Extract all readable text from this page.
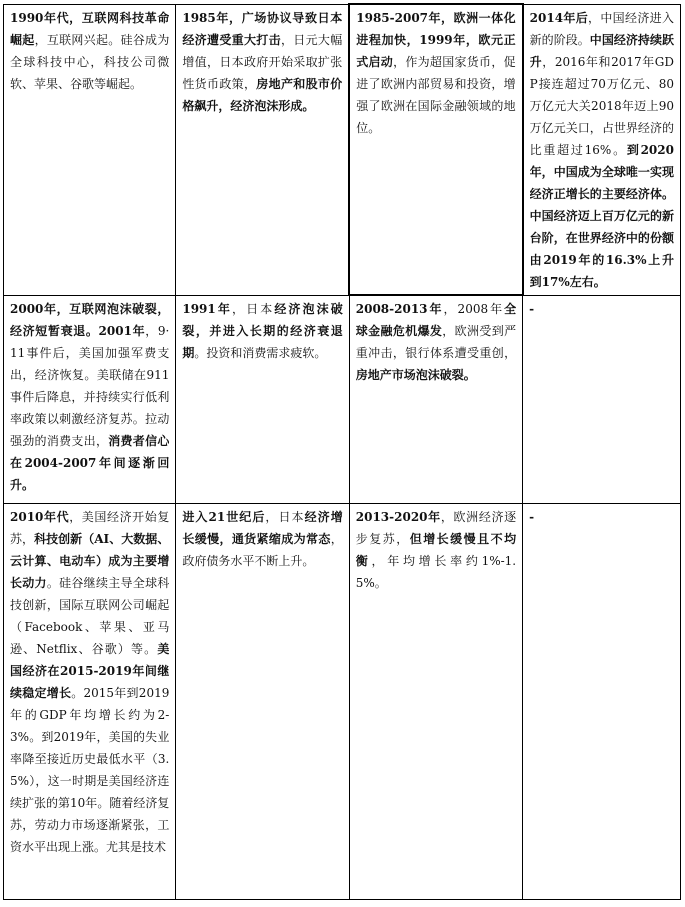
1990年代，互联网科技革命崛起，互联网兴起。硅谷成为全球科技中心，科技公司微软、苹果、谷歌等崛起。	1985年，广场协议导致日本经济遭受重大打击，日元大幅增值，日本政府开始采取扩张性货币政策，房地产和股市价格飙升，经济泡沫形成。	1985-2007年，欧洲一体化进程加快，1999年，欧元正式启动，作为超国家货币，促进了欧洲内部贸易和投资，增强了欧洲在国际金融领域的地位。	2014年后，中国经济进入新的阶段。中国经济持续跃升，2016年和2017年GDP接连超过70万亿元、80万亿元大关2018年迈上90万亿元关口，占世界经济的比重超过16%。到2020年，中国成为全球唯一实现经济正增长的主要经济体。中国经济迈上百万亿元的新台阶，在世界经济中的份额由2019年的16.3%上升到17%左右。

2000年，互联网泡沫破裂，经济短暂衰退。2001年，9·11事件后，美国加强军费支出，经济恢复。美联储在911事件后降息，并持续实行低利率政策以刺激经济复苏。拉动强劲的消费支出，消费者信心在2004-2007年间逐渐回升。	1991年，日本经济泡沫破裂，并进入长期的经济衰退期。投资和消费需求疲软。	2008-2013年，2008年全球金融危机爆发，欧洲受到严重冲击，银行体系遭受重创，房地产市场泡沫破裂。	-

2010年代，美国经济开始复苏，科技创新（AI、大数据、云计算、电动车）成为主要增长动力。硅谷继续主导全球科技创新，国际互联网公司崛起（Facebook、苹果、亚马逊、Netflix、谷歌）等。美国经济在2015-2019年间继续稳定增长。2015年到2019年的GDP年均增长约为2-3%。到2019年，美国的失业率降至接近历史最低水平（3.5%），这一时期是美国经济连续扩张的第10年。随着经济复苏，劳动力市场逐渐紧张，工资水平出现上涨。尤其是技术	进入21世纪后，日本经济增长缓慢，通货紧缩成为常态，政府债务水平不断上升。	2013-2020年，欧洲经济逐步复苏，但增长缓慢且不均衡，年均增长率约1%-1.5%。	-
